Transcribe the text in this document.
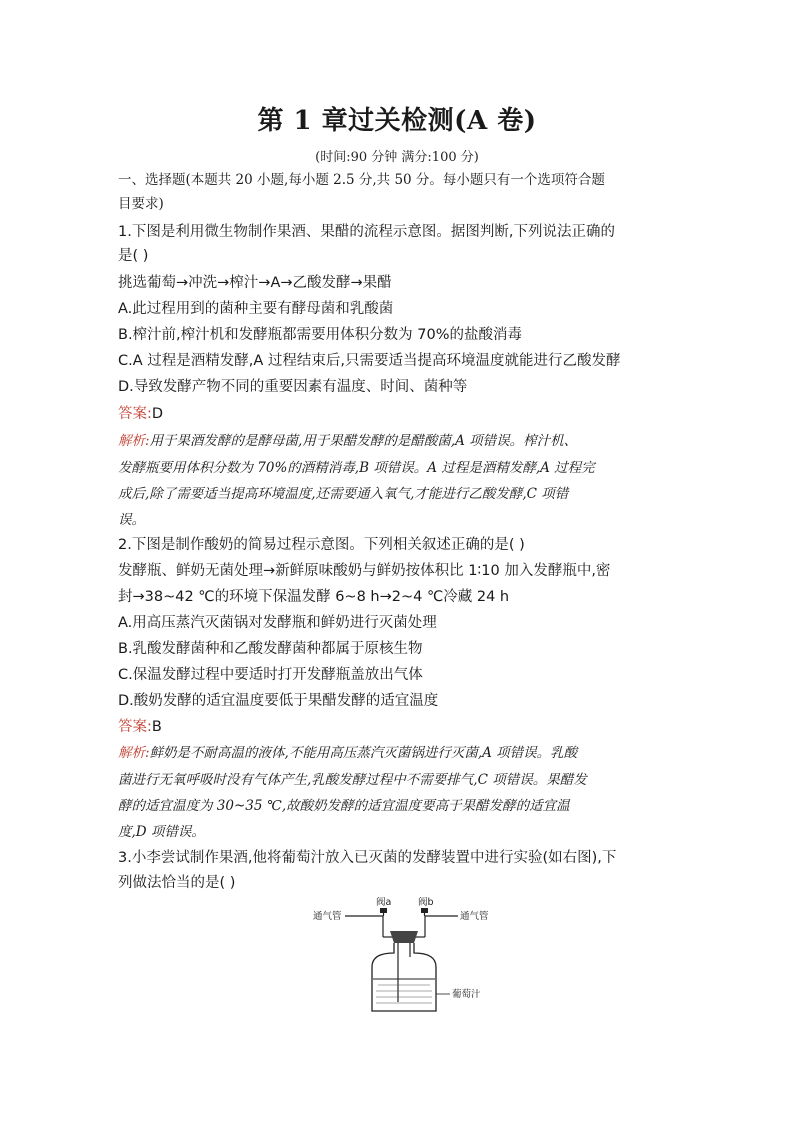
第 1 章过关检测(A 卷)
(时间:90 分钟 满分:100 分)
一、选择题(本题共 20 小题,每小题 2.5 分,共 50 分。每小题只有一个选项符合题
目要求)
1.下图是利用微生物制作果酒、果醋的流程示意图。据图判断,下列说法正确的
是( )
挑选葡萄→冲洗→榨汁→A→乙酸发酵→果醋
A.此过程用到的菌种主要有酵母菌和乳酸菌
B.榨汁前,榨汁机和发酵瓶都需要用体积分数为 70%的盐酸消毒
C.A 过程是酒精发酵,A 过程结束后,只需要适当提高环境温度就能进行乙酸发酵
D.导致发酵产物不同的重要因素有温度、时间、菌种等
答案:D
解析:用于果酒发酵的是酵母菌,用于果醋发酵的是醋酸菌,A 项错误。榨汁机、
发酵瓶要用体积分数为 70%的酒精消毒,B 项错误。A 过程是酒精发酵,A 过程完
成后,除了需要适当提高环境温度,还需要通入氧气,才能进行乙酸发酵,C 项错
误。
2.下图是制作酸奶的简易过程示意图。下列相关叙述正确的是( )
发酵瓶、鲜奶无菌处理→新鲜原味酸奶与鲜奶按体积比 1∶10 加入发酵瓶中,密
封→38~42 ℃的环境下保温发酵 6~8 h→2~4 ℃冷藏 24 h
A.用高压蒸汽灭菌锅对发酵瓶和鲜奶进行灭菌处理
B.乳酸发酵菌种和乙酸发酵菌种都属于原核生物
C.保温发酵过程中要适时打开发酵瓶盖放出气体
D.酸奶发酵的适宜温度要低于果醋发酵的适宜温度
答案:B
解析:鲜奶是不耐高温的液体,不能用高压蒸汽灭菌锅进行灭菌,A 项错误。乳酸
菌进行无氧呼吸时没有气体产生,乳酸发酵过程中不需要排气,C 项错误。果醋发
酵的适宜温度为 30~35 ℃,故酸奶发酵的适宜温度要高于果醋发酵的适宜温
度,D 项错误。
3.小李尝试制作果酒,他将葡萄汁放入已灭菌的发酵装置中进行实验(如右图),下
列做法恰当的是( )
阀a	阀b
通气管	通气管
葡萄汁
